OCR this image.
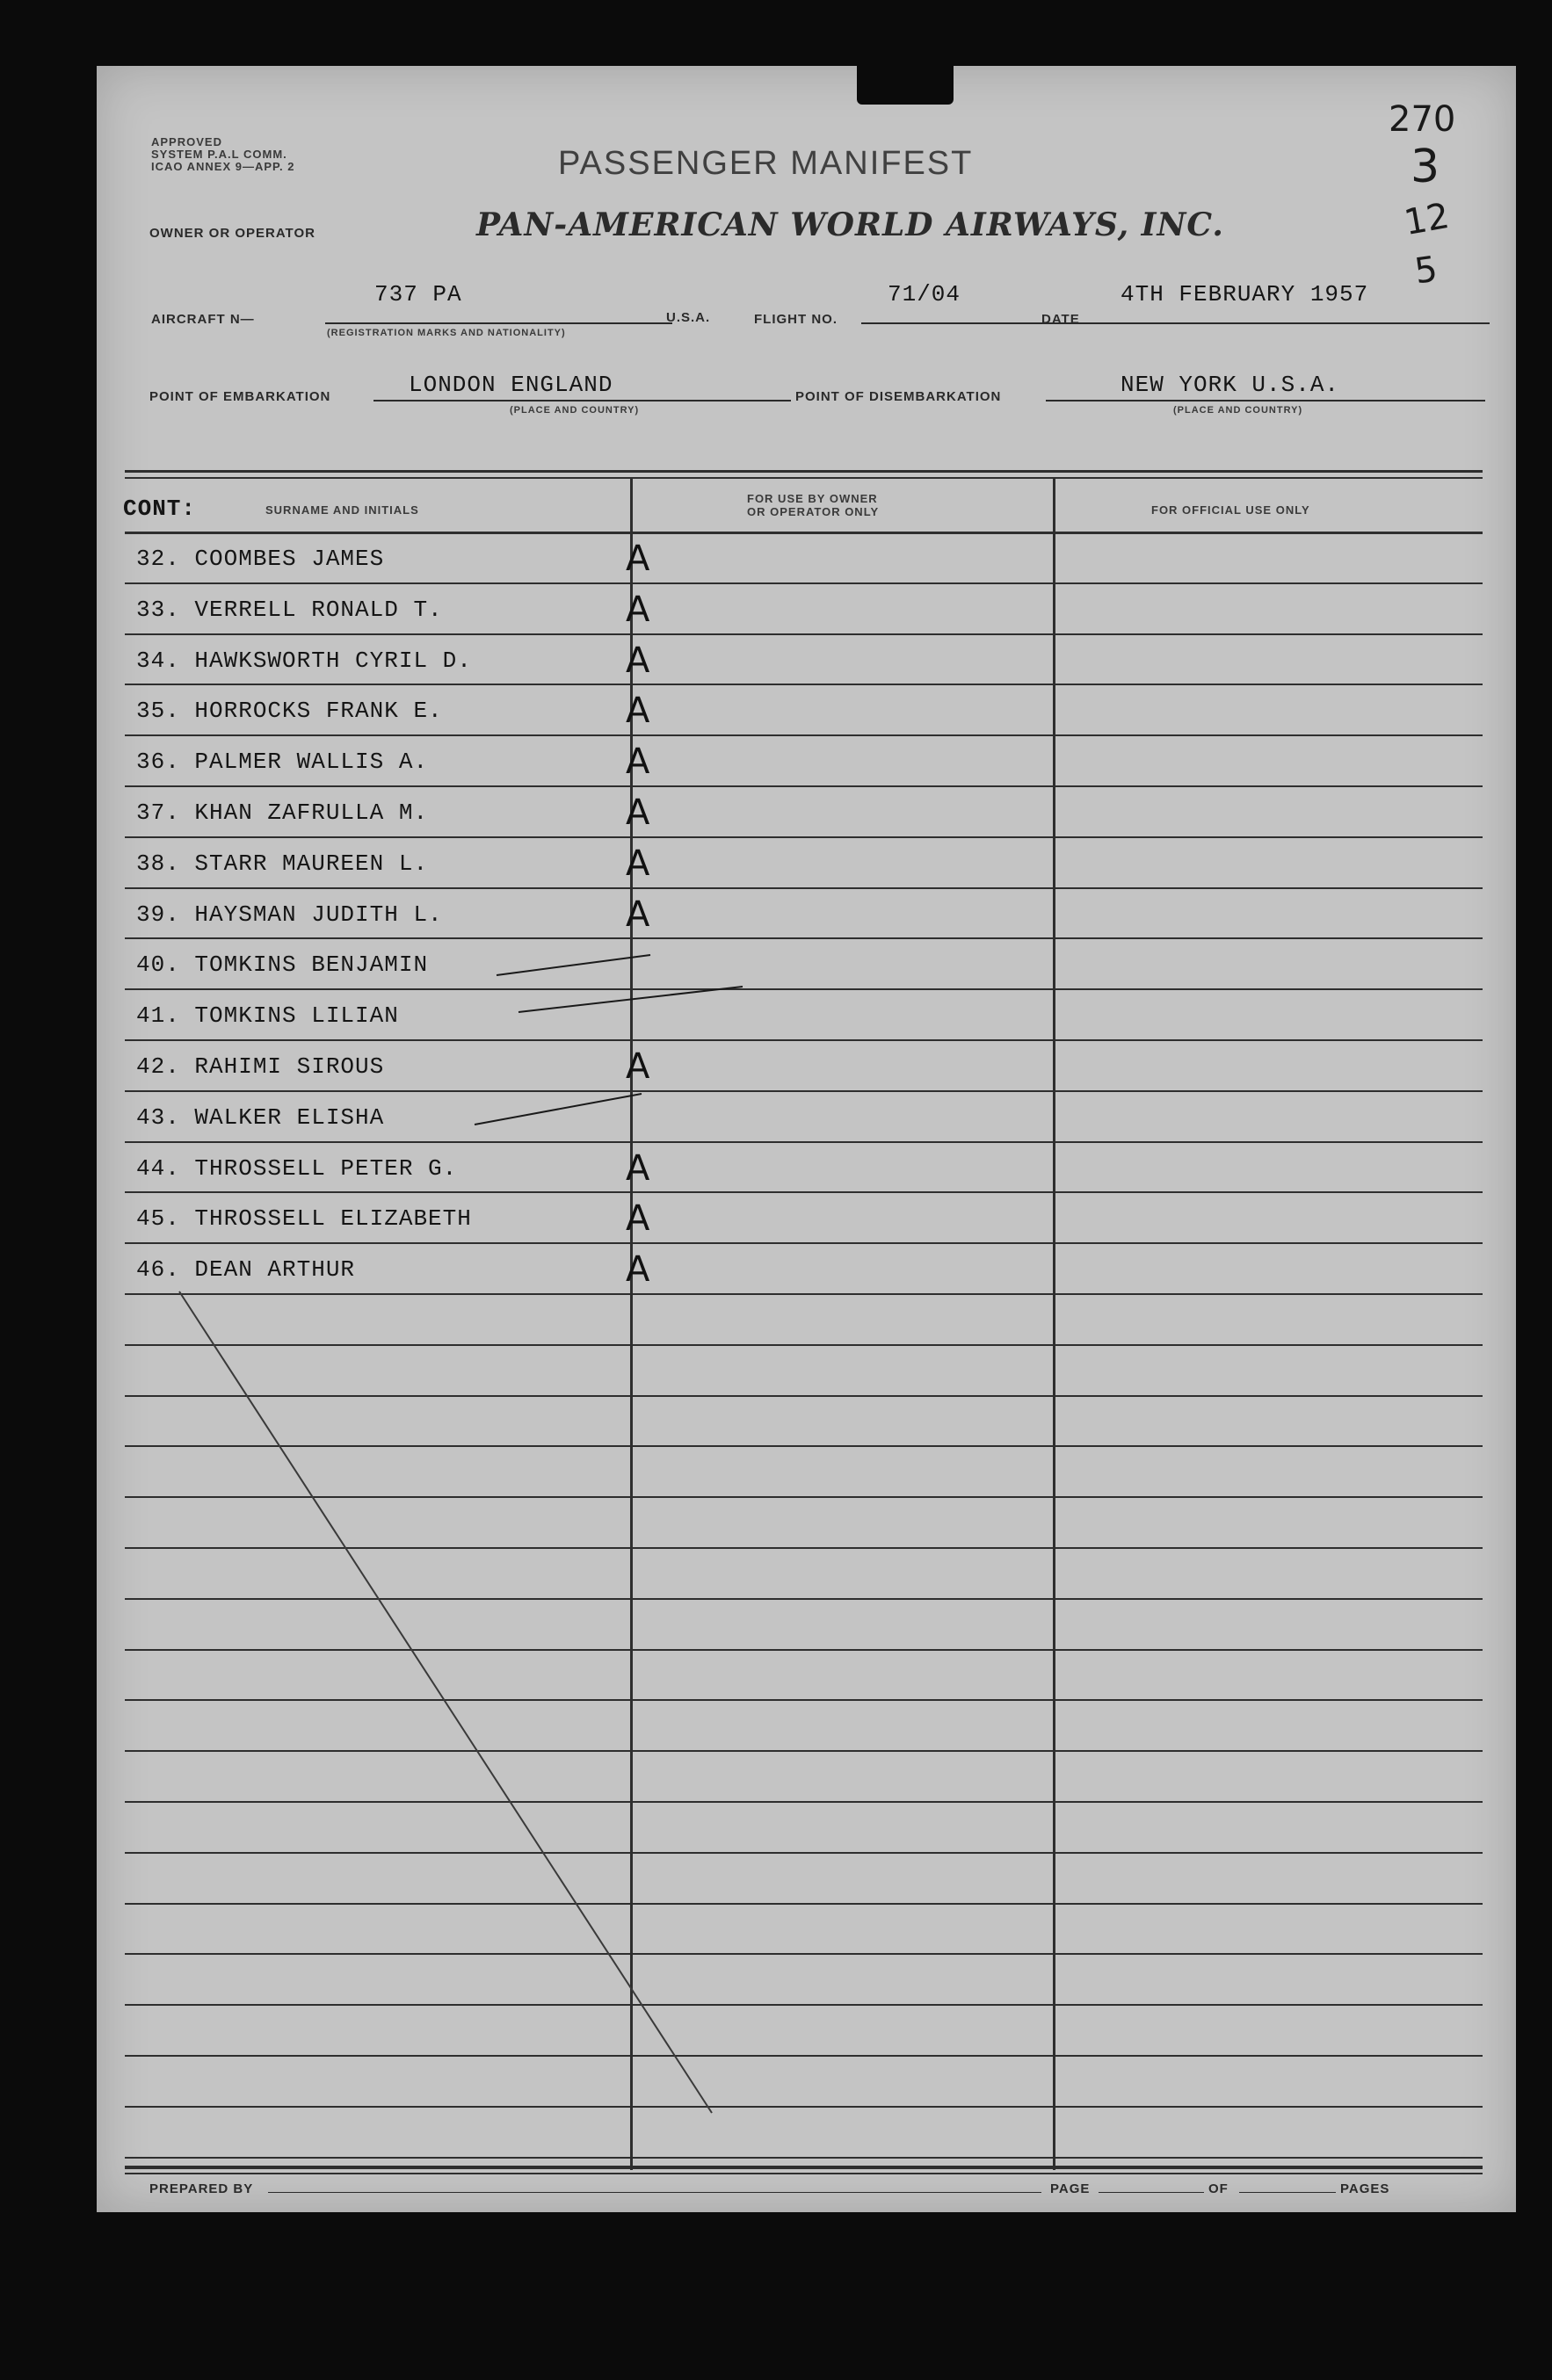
APPROVED
SYSTEM P.A.L COMM.
ICAO ANNEX 9—APP. 2
270
3
12
5
PASSENGER MANIFEST
OWNER OR OPERATOR	PAN-AMERICAN WORLD AIRWAYS, INC.
AIRCRAFT N—
737 PA
(REGISTRATION MARKS AND NATIONALITY)
U.S.A.	FLIGHT NO.
71/04
DATE
4TH FEBRUARY 1957
POINT OF EMBARKATION	LONDON ENGLAND
(PLACE AND COUNTRY)
POINT OF DISEMBARKATION	NEW YORK U.S.A.
(PLACE AND COUNTRY)
CONT:	SURNAME AND INITIALS
FOR USE BY OWNER
OR OPERATOR ONLY	FOR OFFICIAL USE ONLY
32. COOMBES JAMES	A
33. VERRELL RONALD T.	A
34. HAWKSWORTH CYRIL D.	A
35. HORROCKS FRANK E.	A
36. PALMER WALLIS A.	A
37. KHAN ZAFRULLA M.	A
38. STARR MAUREEN L.	A
39. HAYSMAN JUDITH L.	A
40. TOMKINS BENJAMIN
41. TOMKINS LILIAN
42. RAHIMI SIROUS	A
43. WALKER ELISHA
44. THROSSELL PETER G.	A
45. THROSSELL ELIZABETH	A
46. DEAN ARTHUR	A
PREPARED BY	PAGE	OF	PAGES
